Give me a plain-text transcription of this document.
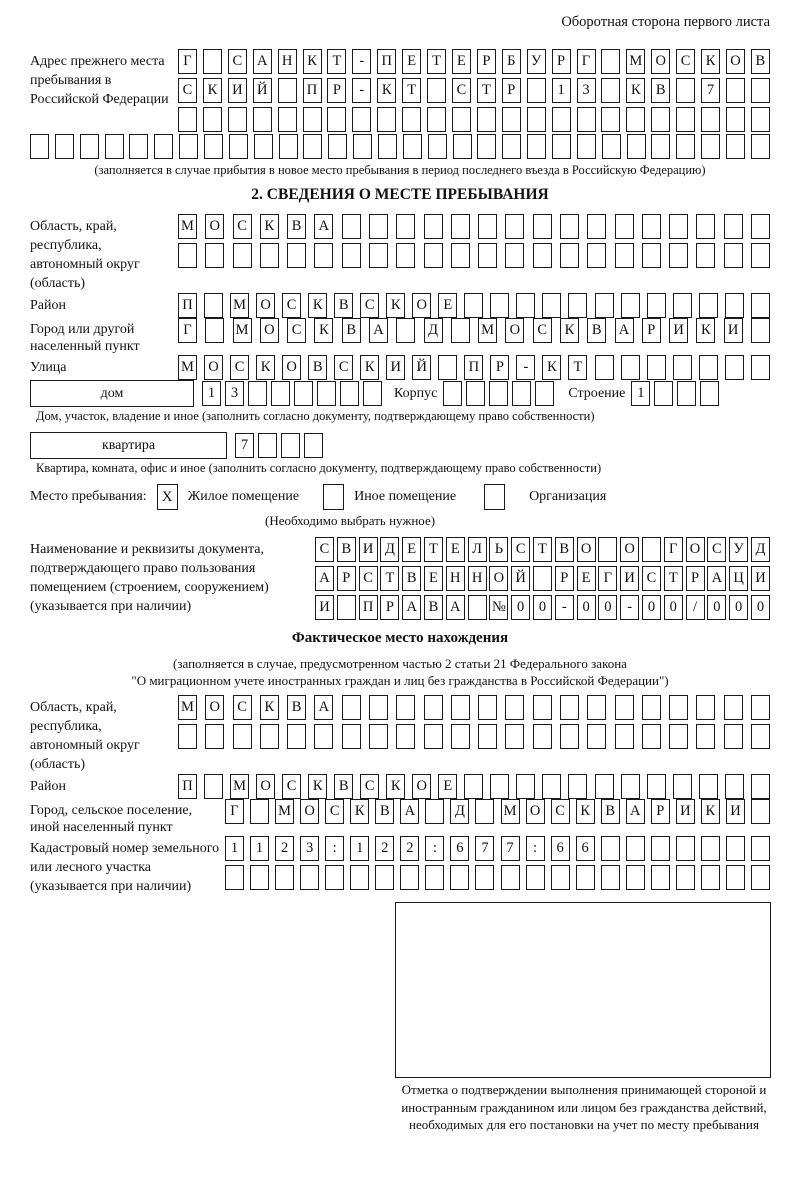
Оборотная сторона первого листа
Адрес прежнего места пребывания в Российской Федерации
Г	С	А Н	К	Т	-	П	Е	Т	Е	Р	Б	У	Р	Г	М О	С	К	О	В
С	К	И Й	П	Р	-	К	Т	С	Т	Р	1	3	К	В	7
(заполняется в случае прибытия в новое место пребывания в период последнего въезда в Российскую Федерацию)
2. СВЕДЕНИЯ О МЕСТЕ ПРЕБЫВАНИЯ
Область, край, республика, автономный округ (область)
М О	С	К	В	А
Район	П	М О	С	К	В	С	К	О	Е
Город или другой населенный пункт
Г	М О	С	К	В	А	Д	М О	С	К	В	А	Р	И	К	И
Улица	М О	С	К	О	В	С	К	И Й	П	Р	-	К	Т
дом	1	3	Корпус	Строение 1
Дом, участок, владение и иное (заполнить согласно документу, подтверждающему право собственности)
квартира	7
Квартира, комната, офис и иное (заполнить согласно документу, подтверждающему право собственности)
Место пребывания:	X	Жилое помещение	Иное помещение	Организация
(Необходимо выбрать нужное)
Наименование и реквизиты документа, подтверждающего право пользования помещением (строением, сооружением) (указывается при наличии)
С В И Д Е Т Е Л Ь С Т В О О	Г О С У Д
А Р С Т В Е Н Н О Й	Р Е Г И С Т Р А Ц И
И П Р А В А № 0	0	-	0	0	-	0	0	/	0	0	0
Фактическое место нахождения
(заполняется в случае, предусмотренном частью 2 статьи 21 Федерального закона
"О миграционном учете иностранных граждан и лиц без гражданства в Российской Федерации")
Область, край, республика, автономный округ (область)
М О	С	К	В	А
Район	П	М О	С	К	В	С	К	О	Е
Город, сельское поселение, иной населенный пункт
Г	М О	С	К	В	А	Д	М О	С	К	В	А	Р	И	К	И
Кадастровый номер земельного или лесного участка (указывается при наличии)
1	1	2	3	:	1	2	2	:	6	7	7	:	6	6
Отметка о подтверждении выполнения принимающей стороной и иностранным гражданином или лицом без гражданства действий, необходимых для его постановки на учет по месту пребывания
